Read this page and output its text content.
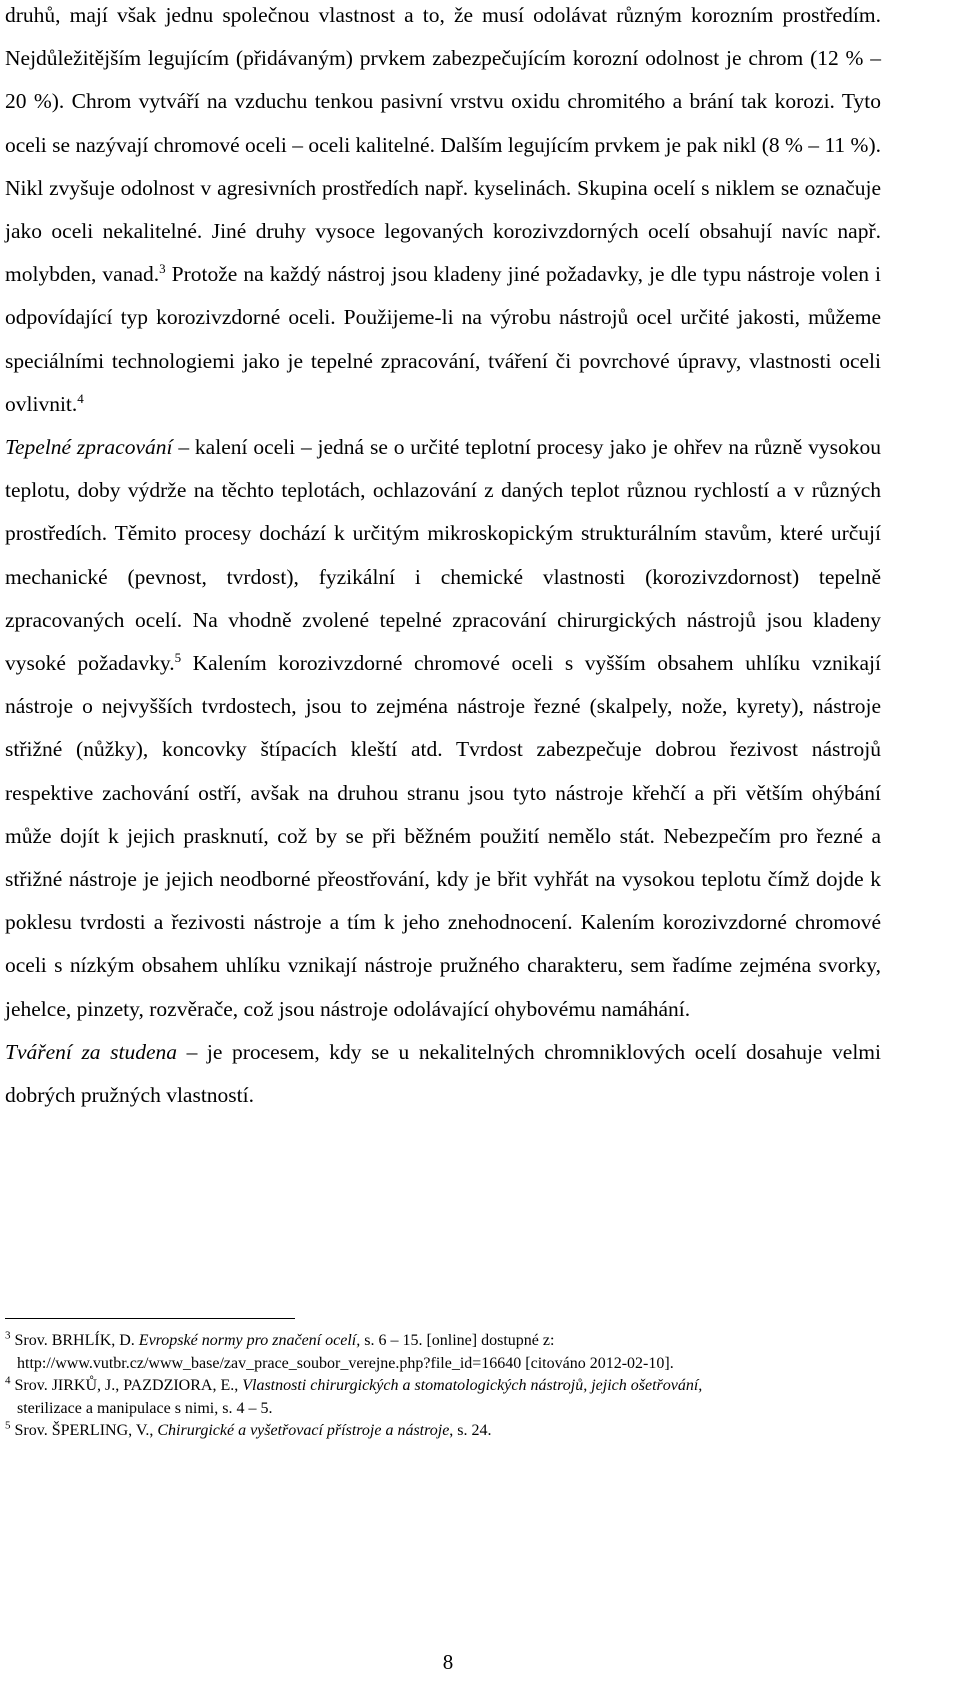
druhů, mají však jednu společnou vlastnost a to, že musí odolávat různým korozním prostředím. Nejdůležitějším legujícím (přidávaným) prvkem zabezpečujícím korozní odolnost je chrom (12 % – 20 %). Chrom vytváří na vzduchu tenkou pasivní vrstvu oxidu chromitého a brání tak korozi. Tyto oceli se nazývají chromové oceli – oceli kalitelné. Dalším legujícím prvkem je pak nikl (8 % – 11 %). Nikl zvyšuje odolnost v agresivních prostředích např. kyselinách. Skupina ocelí s niklem se označuje jako oceli nekalitelné. Jiné druhy vysoce legovaných korozivzdorných ocelí obsahují navíc např. molybden, vanad.$^3$ Protože na každý nástroj jsou kladeny jiné požadavky, je dle typu nástroje volen i odpovídající typ korozivzdorné oceli. Použijeme-li na výrobu nástrojů ocel určité jakosti, můžeme speciálními technologiemi jako je tepelné zpracování, tváření či povrchové úpravy, vlastnosti oceli ovlivnit.$^4$

Tepelné zpracování – kalení oceli – jedná se o určité teplotní procesy jako je ohřev na různě vysokou teplotu, doby výdrže na těchto teplotách, ochlazování z daných teplot různou rychlostí a v různých prostředích. Těmito procesy dochází k určitým mikroskopickým strukturálním stavům, které určují mechanické (pevnost, tvrdost), fyzikální i chemické vlastnosti (korozivzdornost) tepelně zpracovaných ocelí. Na vhodně zvolené tepelné zpracování chirurgických nástrojů jsou kladeny vysoké požadavky.$^5$ Kalením korozivzdorné chromové oceli s vyšším obsahem uhlíku vznikají nástroje o nejvyšších tvrdostech, jsou to zejména nástroje řezné (skalpely, nože, kyrety), nástroje střižné (nůžky), koncovky štípacích kleští atd. Tvrdost zabezpečuje dobrou řezivost nástrojů respektive zachování ostří, avšak na druhou stranu jsou tyto nástroje křehčí a při větším ohýbání může dojít k jejich prasknutí, což by se při běžném použití nemělo stát. Nebezpečím pro řezné a střižné nástroje je jejich neodborné přeostřování, kdy je břit vyhřát na vysokou teplotu čímž dojde k poklesu tvrdosti a řezivosti nástroje a tím k jeho znehodnocení. Kalením korozivzdorné chromové oceli s nízkým obsahem uhlíku vznikají nástroje pružného charakteru, sem řadíme zejména svorky, jehelce, pinzety, rozvěrače, což jsou nástroje odolávající ohybovému namáhání.

Tváření za studena – je procesem, kdy se u nekalitelných chromniklových ocelí dosahuje velmi dobrých pružných vlastností.

$^3$ Srov. BRHLÍK, D. Evropské normy pro značení ocelí, s. 6 – 15. [online] dostupné z:
http://www.vutbr.cz/www_base/zav_prace_soubor_verejne.php?file_id=16640 [citováno 2012-02-10].
$^4$ Srov. JIRKŮ, J., PAZDZIORA, E., Vlastnosti chirurgických a stomatologických nástrojů, jejich ošetřování,
sterilizace a manipulace s nimi, s. 4 – 5.
$^5$ Srov. ŠPERLING, V., Chirurgické a vyšetřovací přístroje a nástroje, s. 24.
8
